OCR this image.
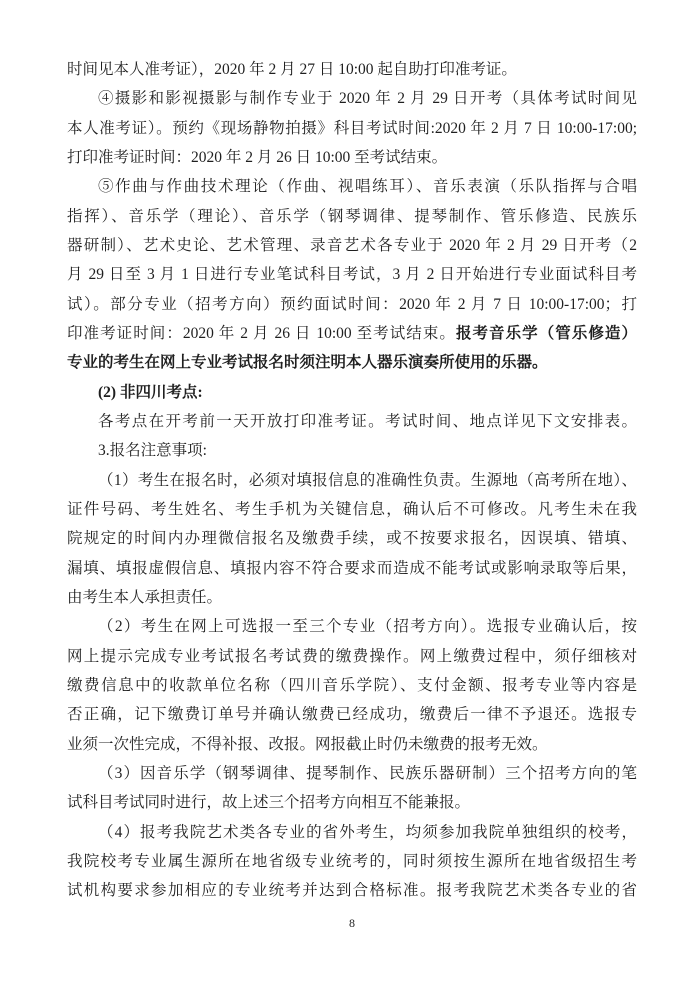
时间见本人准考证），2020 年 2 月 27 日 10:00 起自助打印准考证。
④摄影和影视摄影与制作专业于 2020 年 2 月 29 日开考（具体考试时间见
本人准考证）。预约《现场静物拍摄》科目考试时间:2020 年 2 月 7 日 10:00-17:00;
打印准考证时间：2020 年 2 月 26 日 10:00 至考试结束。
⑤作曲与作曲技术理论（作曲、视唱练耳）、音乐表演（乐队指挥与合唱
指挥）、音乐学（理论）、音乐学（钢琴调律、提琴制作、管乐修造、民族乐
器研制）、艺术史论、艺术管理、录音艺术各专业于 2020 年 2 月 29 日开考（2
月 29 日至 3 月 1 日进行专业笔试科目考试，3 月 2 日开始进行专业面试科目考
试）。部分专业（招考方向）预约面试时间：2020 年 2 月 7 日 10:00-17:00；打
印准考证时间：2020 年 2 月 26 日 10:00 至考试结束。报考音乐学（管乐修造）
专业的考生在网上专业考试报名时须注明本人器乐演奏所使用的乐器。
(2) 非四川考点:
各考点在开考前一天开放打印准考证。考试时间、地点详见下文安排表。
3.报名注意事项:
（1）考生在报名时，必须对填报信息的准确性负责。生源地（高考所在地）、
证件号码、考生姓名、考生手机为关键信息，确认后不可修改。凡考生未在我
院规定的时间内办理微信报名及缴费手续，或不按要求报名，因误填、错填、
漏填、填报虚假信息、填报内容不符合要求而造成不能考试或影响录取等后果，
由考生本人承担责任。
（2）考生在网上可选报一至三个专业（招考方向）。选报专业确认后，按
网上提示完成专业考试报名考试费的缴费操作。网上缴费过程中，须仔细核对
缴费信息中的收款单位名称（四川音乐学院）、支付金额、报考专业等内容是
否正确，记下缴费订单号并确认缴费已经成功，缴费后一律不予退还。选报专
业须一次性完成，不得补报、改报。网报截止时仍未缴费的报考无效。
（3）因音乐学（钢琴调律、提琴制作、民族乐器研制）三个招考方向的笔
试科目考试同时进行，故上述三个招考方向相互不能兼报。
（4）报考我院艺术类各专业的省外考生，均须参加我院单独组织的校考，
我院校考专业属生源所在地省级专业统考的，同时须按生源所在地省级招生考
试机构要求参加相应的专业统考并达到合格标准。报考我院艺术类各专业的省
8
